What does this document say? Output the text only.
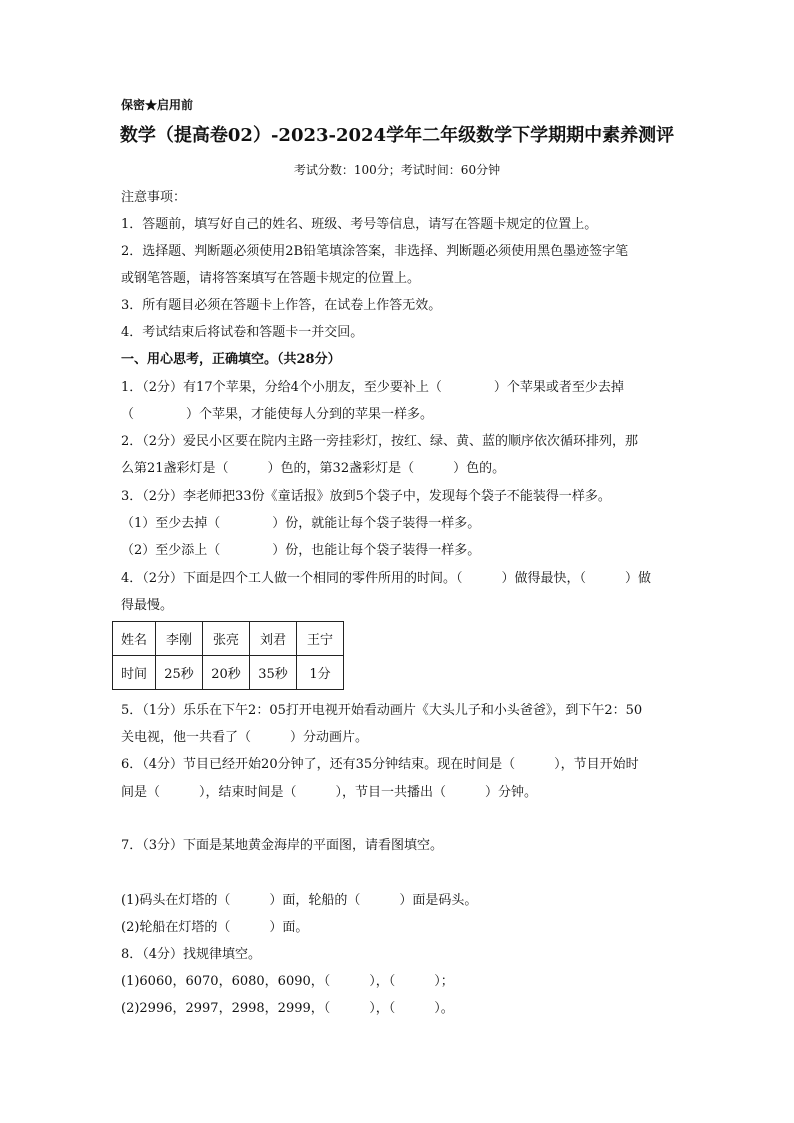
保密★启用前
数学（提高卷02）-2023-2024学年二年级数学下学期期中素养测评
考试分数：100分；考试时间：60分钟
注意事项：
1．答题前，填写好自己的姓名、班级、考号等信息，请写在答题卡规定的位置上。
2．选择题、判断题必须使用2B铅笔填涂答案，非选择、判断题必须使用黑色墨迹签字笔
或钢笔答题，请将答案填写在答题卡规定的位置上。
3．所有题目必须在答题卡上作答，在试卷上作答无效。
4．考试结束后将试卷和答题卡一并交回。
一、用心思考，正确填空。（共28分）
1．（2分）有17个苹果，分给4个小朋友，至少要补上（　　　　）个苹果或者至少去掉
（　　　　）个苹果，才能使每人分到的苹果一样多。
2．（2分）爱民小区要在院内主路一旁挂彩灯，按红、绿、黄、蓝的顺序依次循环排列，那
么第21盏彩灯是（　　　）色的，第32盏彩灯是（　　　）色的。
3．（2分）李老师把33份《童话报》放到5个袋子中，发现每个袋子不能装得一样多。
（1）至少去掉（　　　　）份，就能让每个袋子装得一样多。
（2）至少添上（　　　　）份，也能让每个袋子装得一样多。
4．（2分）下面是四个工人做一个相同的零件所用的时间。（　　　）做得最快，（　　　）做
得最慢。
姓名	李刚	张亮	刘君	王宁
时间	25秒	20秒	35秒	1分
5．（1分）乐乐在下午2：05打开电视开始看动画片《大头儿子和小头爸爸》，到下午2：50
关电视，他一共看了（　　　）分动画片。
6．（4分）节目已经开始20分钟了，还有35分钟结束。现在时间是（　　　），节目开始时
间是（　　　），结束时间是（　　　），节目一共播出（　　　）分钟。
7．（3分）下面是某地黄金海岸的平面图，请看图填空。
(1)码头在灯塔的（　　　）面，轮船的（　　　）面是码头。
(2)轮船在灯塔的（　　　）面。
8．（4分）找规律填空。
(1)6060，6070，6080，6090，（　　　），（　　　）；
(2)2996，2997，2998，2999，（　　　），（　　　）。
